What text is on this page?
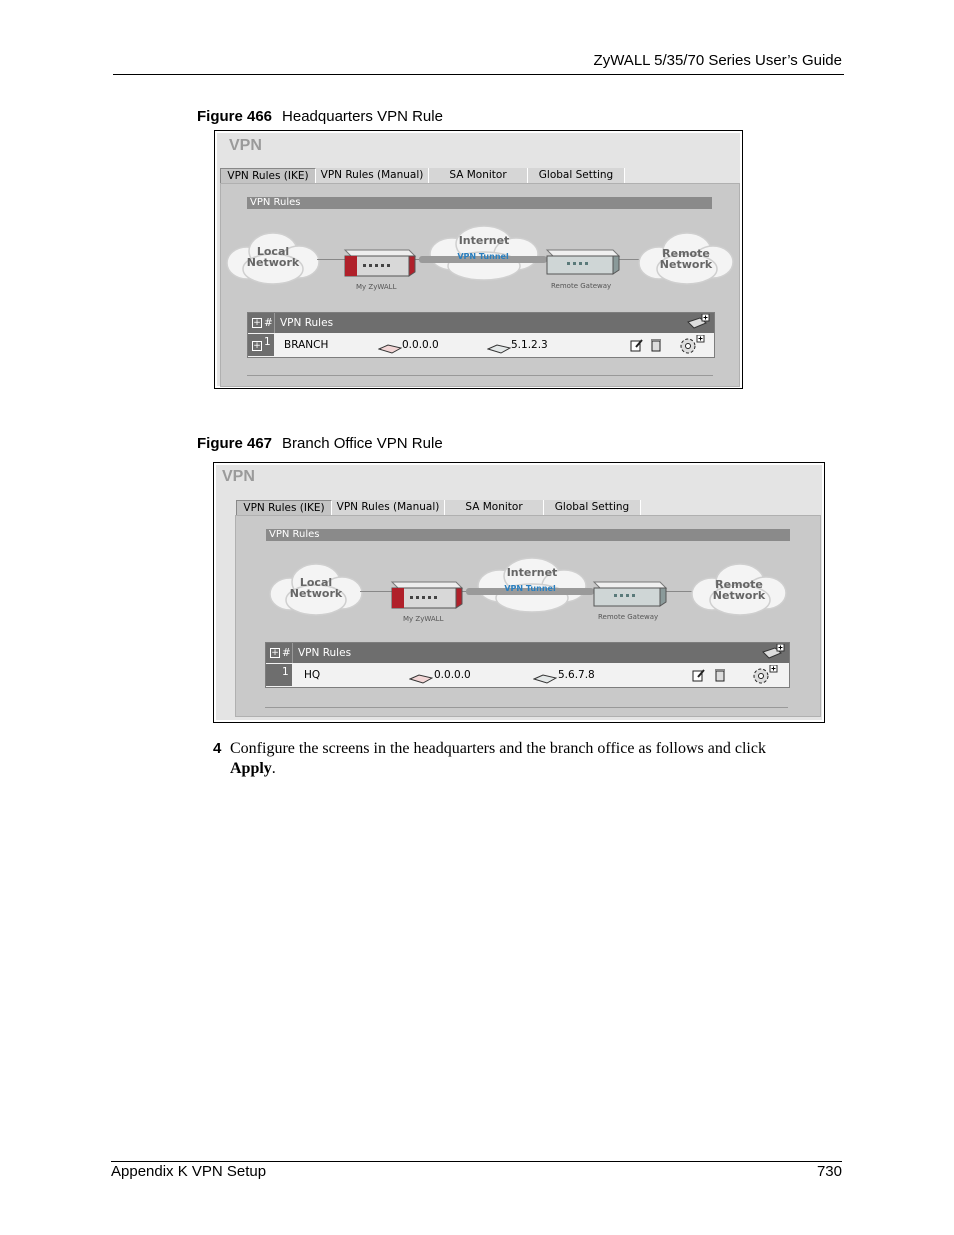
ZyWALL 5/35/70 Series User’s Guide
Figure 466 Headquarters VPN Rule
VPN
VPN Rules (IKE)	VPN Rules (Manual)	SA Monitor	Global Setting
VPN Rules
Local
Network
My ZyWALL
Internet
VPN Tunnel
Remote Gateway
Remote
Network
+ # VPN Rules
+ 1 BRANCH	0.0.0.0	5.1.2.3
Figure 467 Branch Office VPN Rule
VPN
VPN Rules (IKE)	VPN Rules (Manual)	SA Monitor	Global Setting
VPN Rules
Local
Network
My ZyWALL
Internet
VPN Tunnel
Remote Gateway
Remote
Network
+ # VPN Rules
1 HQ	0.0.0.0	5.6.7.8
4 Configure the screens in the headquarters and the branch office as follows and click
Apply.
Appendix K VPN Setup	730
